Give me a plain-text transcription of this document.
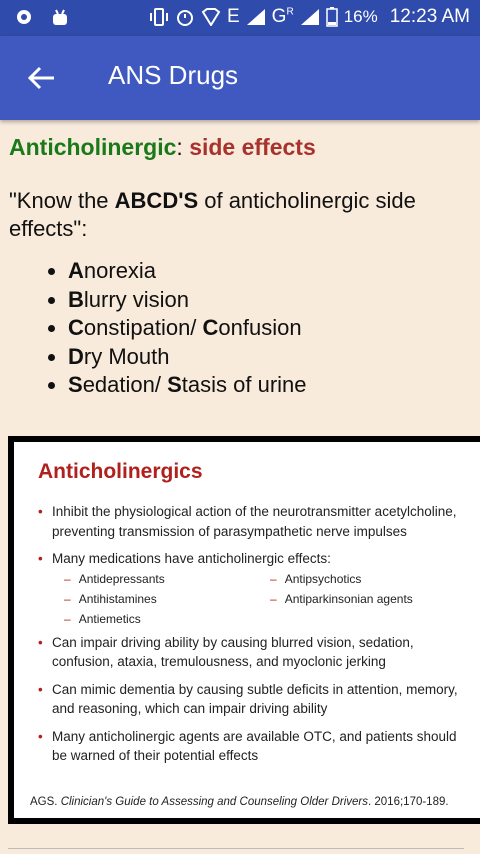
E $G^R$	16% 12:23 AM
ANS Drugs

Anticholinergic: side effects

"Know the ABCD'S of anticholinergic side effects":

• Anorexia
• Blurry vision
• Constipation/ Confusion
• Dry Mouth
• Sedation/ Stasis of urine
Anticholinergics
• Inhibit the physiological action of the neurotransmitter acetylcholine, preventing transmission of parasympathetic nerve impulses
• Many medications have anticholinergic effects:
– Antidepressants	– Antipsychotics
– Antihistamines	– Antiparkinsonian agents
– Antiemetics
• Can impair driving ability by causing blurred vision, sedation, confusion, ataxia, tremulousness, and myoclonic jerking
• Can mimic dementia by causing subtle deficits in attention, memory, and reasoning, which can impair driving ability
• Many anticholinergic agents are available OTC, and patients should be warned of their potential effects
AGS. Clinician's Guide to Assessing and Counseling Older Drivers. 2016;170-189.
